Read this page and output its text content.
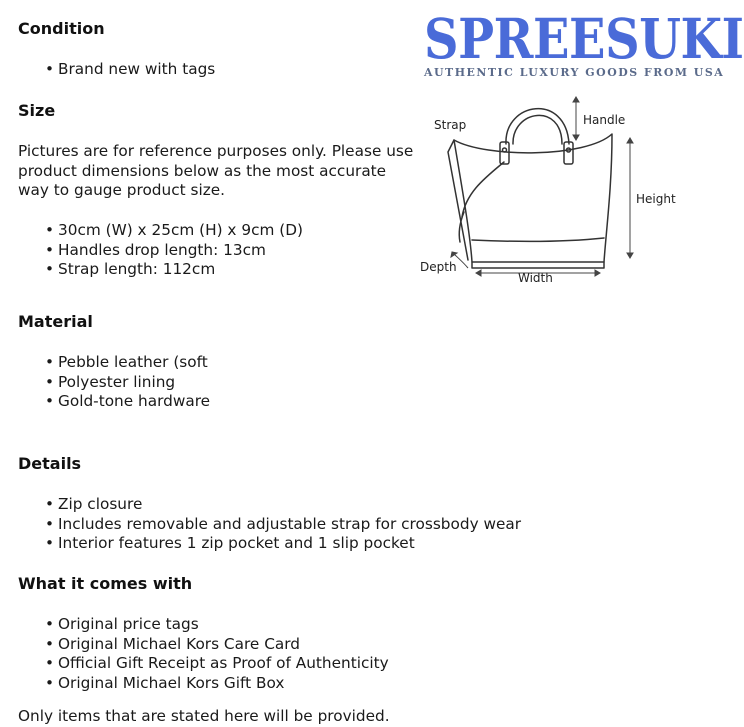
Condition
• Brand new with tags
Size

Pictures are for reference purposes only. Please use product dimensions below as the most accurate way to gauge product size.

• 30cm (W) x 25cm (H) x 9cm (D)
• Handles drop length: 13cm
• Strap length: 112cm
Material
• Pebble leather (soft
• Polyester lining
• Gold-tone hardware
Details
• Zip closure
• Includes removable and adjustable strap for crossbody wear
• Interior features 1 zip pocket and 1 slip pocket
What it comes with
• Original price tags
• Original Michael Kors Care Card
• Official Gift Receipt as Proof of Authenticity
• Original Michael Kors Gift Box
Only items that are stated here will be provided.
SPREESUKI
AUTHENTIC LUXURY GOODS FROM USA
Strap	Handle
Height
Depth
Width
